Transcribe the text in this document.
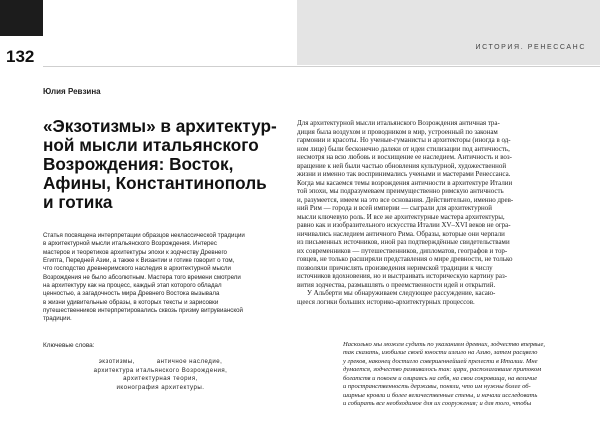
132	ИСТОРИЯ. РЕНЕССАНС

Юлия Ревзина

«Экзотизмы» в архитектур-
ной мысли итальянского
Возрождения: Восток,
Афины, Константинополь
и готика
Статья посвящена интерпретации образцов неклассической традиции
в архитектурной мысли итальянского Возрождения. Интерес
мастеров и теоретиков архитектуры эпохи к зодчеству Древнего
Египта, Передней Азии, а также к Византии и готике говорит о том,
что господство древнеримского наследия в архитектурной мысли
Возрождения не было абсолютным. Мастера того времени смотрели
на архитектуру как на процесс, каждый этап которого обладал
ценностью, а загадочность мира Древнего Востока вызывала
в жизни удивительные образы, в которых тексты и зарисовки
путешественников интерпретировались сквозь призму витрувианской
традиции.

Ключевые слова:

экзотизмы,          античное наследие,
архитектура итальянского Возрождения,
архитектурная теория,
иконография архитектуры.
Для архитектурной мысли итальянского Возрождения античная тра-
диция была воздухом и проводником в мир, устроенный по законам
гармонии и красоты. Но ученые-гуманисты и архитекторы (иногда в од-
ном лице) были бесконечно далеки от идеи стилизации под античность,
несмотря на всю любовь и восхищение ее наследием. Античность и воз-
вращение к ней были частью обновления культурной, художественной
жизни и именно так воспринимались учеными и мастерами Ренессанса.
Когда мы касаемся темы возрождения античности в архитектуре Италии
той эпохи, мы подразумеваем преимущественно римскую античность
и, разумеется, имеем на это все основания. Действительно, именно древ-
ний Рим — города и всей империи — сыграли для архитектурной
мысли ключевую роль. И все же архитектурные мастера архитектуры,
равно как и изобразительного искусства Италии XV–XVI веков не огра-
ничивались наследием античного Рима. Образы, которые они черпали
из письменных источников, иной раз подтверждённые свидетельствами
их современников — путешественников, дипломатов, географов и тор-
говцев, не только расширяли представления о мире древности, не только
позволяли причислять произведения неримской традиции к числу
источников вдохновения, но и выстраивать историческую картину раз-
вития зодчества, размышлять о преемственности идей и открытий.
У Альберти мы обнаруживаем следующее рассуждение, касаю-
щееся логики больших историко-архитектурных процессов.
Насколько мы можем судить по указаниям древних, зодчество впервые,
так сказать, изобилие своей юности излило на Азию, затем расцвело
у греков, наконец достигло совершеннейшей прелести в Италии. Мне
думается, зодчество развивалось так: цари, располагавшие притоком
богатств и покоем и озираясь на себя, на свои сокровища, на величие
и пространственность державы, поняли, что им нужны более об-
ширные кровли и более величественные стены, и начали исследовать
и собирать все необходимое для их сооружения; и для того, чтобы
